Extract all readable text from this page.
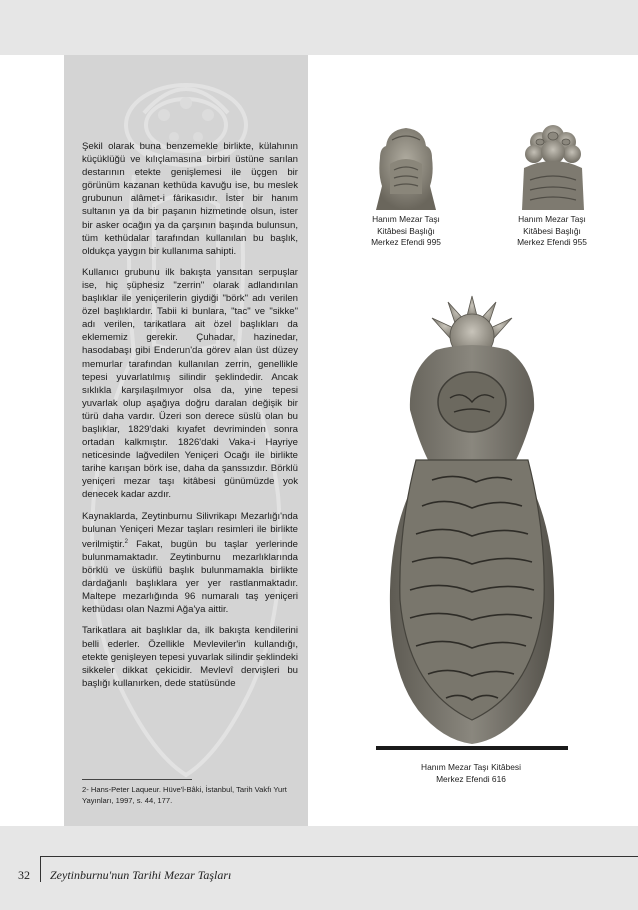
Şekil olarak buna benzemekle birlikte, külahının küçüklüğü ve kılıçlamasına birbiri üstüne sarılan destarının etekte genişlemesi ile üçgen bir görünüm kazanan kethüda kavuğu ise, bu meslek grubunun alâmet-i fârikasıdır. İster bir hanım sultanın ya da bir paşanın hizmetinde olsun, ister bir asker ocağın ya da çarşının başında bulunsun, tüm kethüdalar tarafından kullanılan bu başlık, oldukça yaygın bir kullanıma sahipti.

Kullanıcı grubunu ilk bakışta yansıtan serpuşlar ise, hiç şüphesiz "zerrin" olarak adlandırılan başlıklar ile yeniçerilerin giydiği "börk" adı verilen özel başlıklardır. Tabii ki bunlara, "tac" ve "sikke" adı verilen, tarikatlara ait özel başlıkları da eklememiz gerekir. Çuhadar, hazinedar, hasodabaşı gibi Enderun'da görev alan üst düzey memurlar tarafından kullanılan zerrin, genellikle tepesi yuvarlatılmış silindir şeklindedir. Ancak sıklıkla karşılaşılmıyor olsa da, yine tepesi yuvarlak olup aşağıya doğru daralan değişik bir türü daha vardır. Üzeri son derece süslü olan bu başlıklar, 1829'daki kıyafet devriminden sonra ortadan kalkmıştır. 1826'daki Vaka-i Hayriye neticesinde lağvedilen Yeniçeri Ocağı ile birlikte tarihe karışan börk ise, daha da şanssızdır. Börklü yeniçeri mezar taşı kitâbesi günümüzde yok denecek kadar azdır.

Kaynaklarda, Zeytinburnu Silivrikapı Mezarlığı'nda bulunan Yeniçeri Mezar taşları resimleri ile birlikte verilmiştir.$^2$ Fakat, bugün bu taşlar yerlerinde bulunmamaktadır. Zeytinburnu mezarlıklarında börklü ve üsküflü başlık bulunmamakla birlikte dardağanlı başlıklara yer yer rastlanmaktadır. Maltepe mezarlığında 96 numaralı taş yeniçeri kethüdası olan Nazmi Ağa'ya aittir.

Tarikatlara ait başlıklar da, ilk bakışta kendilerini belli ederler. Özellikle Mevleviler'in kullandığı, etekte genişleyen tepesi yuvarlak silindir şeklindeki sikkeler dikkat çekicidir. Mevlevî dervişleri bu başlığı kullanırken, dede statüsünde

2- Hans-Peter Laqueur. Hüve'l-Bâki, İstanbul, Tarih Vakfı Yurt Yayınları, 1997, s. 44, 177.
Hanım Mezar Taşı
Kitâbesi Başlığı
Merkez Efendi 995
Hanım Mezar Taşı
Kitâbesi Başlığı
Merkez Efendi 955
Hanım Mezar Taşı Kitâbesi
Merkez Efendi 616
32 Zeytinburnu'nun Tarihi Mezar Taşları
